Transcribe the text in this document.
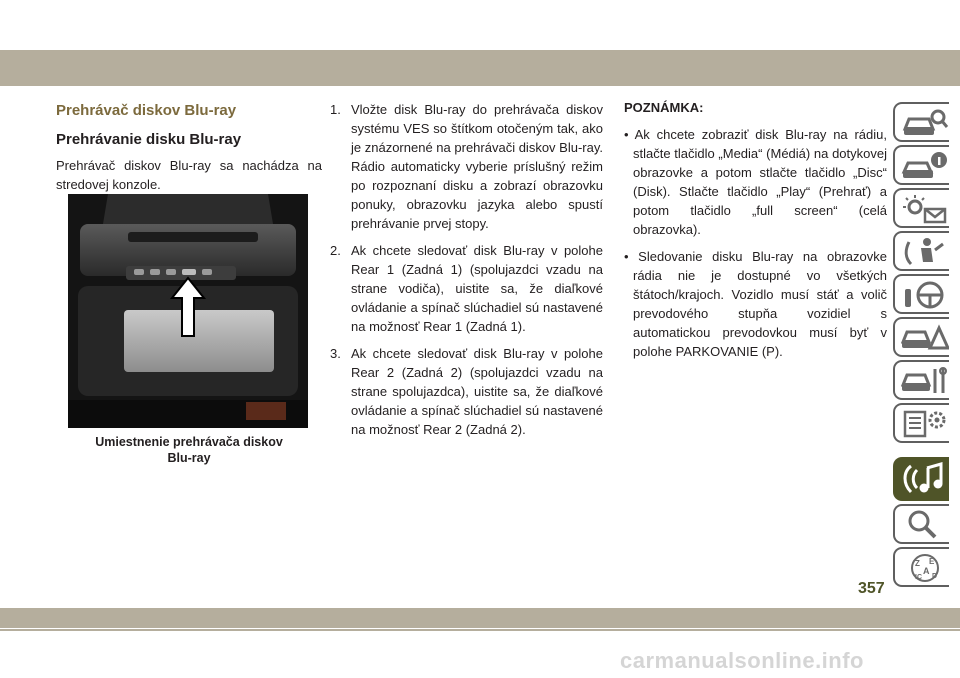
Prehrávač diskov Blu-ray
Prehrávanie disku Blu-ray

Prehrávač diskov Blu-ray sa nachádza na stredovej konzole.

Umiestnenie prehrávača diskov
Blu-ray

1. Vložte disk Blu-ray do prehrávača diskov systému VES so štítkom otočeným tak, ako je znázornené na prehrávači diskov Blu-ray. Rádio automaticky vyberie príslušný režim po rozpoznaní disku a zobrazí obrazovku ponuky, obrazovku jazyka alebo spustí prehrávanie prvej stopy.
2. Ak chcete sledovať disk Blu-ray v polohe Rear 1 (Zadná 1) (spolujazdci vzadu na strane vodiča), uistite sa, že diaľkové ovládanie a spínač slúchadiel sú nastavené na možnosť Rear 1 (Zadná 1).
3. Ak chcete sledovať disk Blu-ray v polohe Rear 2 (Zadná 2) (spolujazdci vzadu na strane spolujazdca), uistite sa, že diaľkové ovládanie a spínač slúchadiel sú nastavené na možnosť Rear 2 (Zadná 2).

POZNÁMKA:

• Ak chcete zobraziť disk Blu-ray na rádiu, stlačte tlačidlo „Media“ (Médiá) na dotykovej obrazovke a potom stlačte tlačidlo „Disc“ (Disk). Stlačte tlačidlo „Play“ (Prehrať) a potom tlačidlo „full screen“ (celá obrazovka).
• Sledovanie disku Blu-ray na obrazovke rádia nie je dostupné vo všetkých štátoch/krajoch. Vozidlo musí stáť a volič prevodového stupňa vozidiel s automatickou prevodovkou musí byť v polohe PARKOVANIE (P).
Z E
A
IC D

357

carmanualsonline.info
